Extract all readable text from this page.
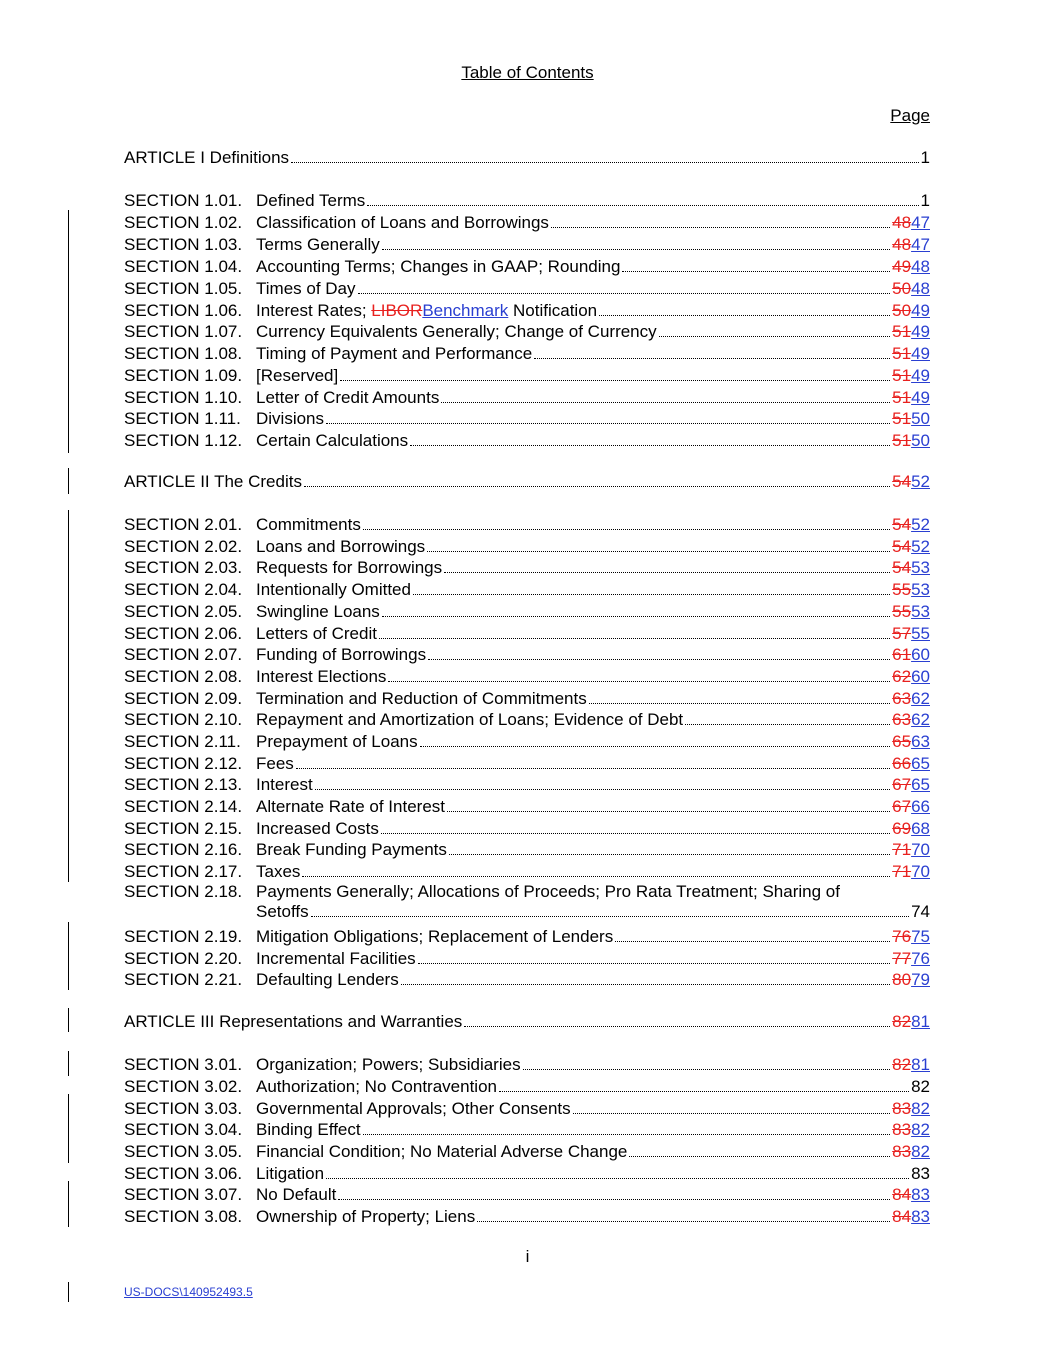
Table of Contents
Page
ARTICLE I Definitions	1
SECTION 1.01. Defined Terms	1
SECTION 1.02. Classification of Loans and Borrowings	4847
SECTION 1.03. Terms Generally	4847
SECTION 1.04. Accounting Terms; Changes in GAAP; Rounding	4948
SECTION 1.05. Times of Day	5048
SECTION 1.06. Interest Rates; LIBORBenchmark Notification	5049
SECTION 1.07. Currency Equivalents Generally; Change of Currency	5149
SECTION 1.08. Timing of Payment and Performance	5149
SECTION 1.09. [Reserved]	5149
SECTION 1.10. Letter of Credit Amounts	5149
SECTION 1.11. Divisions	5150
SECTION 1.12. Certain Calculations	5150
ARTICLE II The Credits	5452
SECTION 2.01. Commitments	5452
SECTION 2.02. Loans and Borrowings	5452
SECTION 2.03. Requests for Borrowings	5453
SECTION 2.04. Intentionally Omitted	5553
SECTION 2.05. Swingline Loans	5553
SECTION 2.06. Letters of Credit	5755
SECTION 2.07. Funding of Borrowings	6160
SECTION 2.08. Interest Elections	6260
SECTION 2.09. Termination and Reduction of Commitments	6362
SECTION 2.10. Repayment and Amortization of Loans; Evidence of Debt	6362
SECTION 2.11. Prepayment of Loans	6563
SECTION 2.12. Fees	6665
SECTION 2.13. Interest	6765
SECTION 2.14. Alternate Rate of Interest	6766
SECTION 2.15. Increased Costs	6968
SECTION 2.16. Break Funding Payments	7170
SECTION 2.17. Taxes	7170
SECTION 2.18. Payments Generally; Allocations of Proceeds; Pro Rata Treatment; Sharing of
Setoffs	74
SECTION 2.19. Mitigation Obligations; Replacement of Lenders	7675
SECTION 2.20. Incremental Facilities	7776
SECTION 2.21. Defaulting Lenders	8079
ARTICLE III Representations and Warranties	8281
SECTION 3.01. Organization; Powers; Subsidiaries	8281
SECTION 3.02. Authorization; No Contravention	82
SECTION 3.03. Governmental Approvals; Other Consents	8382
SECTION 3.04. Binding Effect	8382
SECTION 3.05. Financial Condition; No Material Adverse Change	8382
SECTION 3.06. Litigation	83
SECTION 3.07. No Default	8483
SECTION 3.08. Ownership of Property; Liens	8483
i
US-DOCS\140952493.5
